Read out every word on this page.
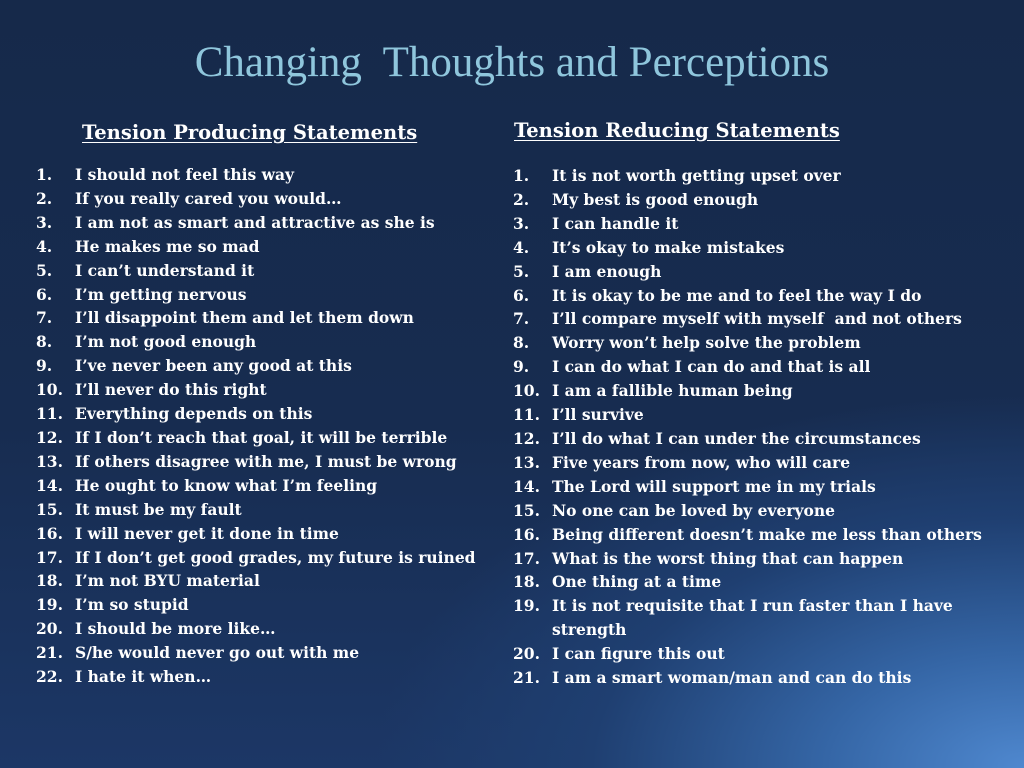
Changing  Thoughts and Perceptions
Tension Producing Statements	Tension Reducing Statements
1.	I should not feel this way
2.	If you really cared you would…
3.	I am not as smart and attractive as she is
4.	He makes me so mad
5.	I can’t understand it
6.	I’m getting nervous
7.	I’ll disappoint them and let them down
8.	I’m not good enough
9.	I’ve never been any good at this
10. I’ll never do this right
11. Everything depends on this
12. If I don’t reach that goal, it will be terrible
13. If others disagree with me, I must be wrong
14. He ought to know what I’m feeling
15. It must be my fault
16. I will never get it done in time
17. If I don’t get good grades, my future is ruined
18. I’m not BYU material
19. I’m so stupid
20. I should be more like…
21. S/he would never go out with me
22. I hate it when…
1.	It is not worth getting upset over
2.	My best is good enough
3.	I can handle it
4.	It’s okay to make mistakes
5.	I am enough
6.	It is okay to be me and to feel the way I do
7.	I’ll compare myself with myself  and not others
8.	Worry won’t help solve the problem
9.	I can do what I can do and that is all
10. I am a fallible human being
11. I’ll survive
12. I’ll do what I can under the circumstances
13. Five years from now, who will care
14. The Lord will support me in my trials
15. No one can be loved by everyone
16. Being different doesn’t make me less than others
17. What is the worst thing that can happen
18. One thing at a time
19. It is not requisite that I run faster than I have strength
20. I can figure this out
21. I am a smart woman/man and can do this
